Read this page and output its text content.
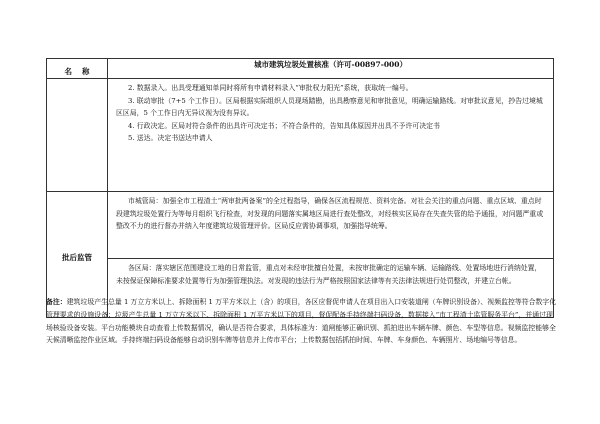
名称	城市建筑垃圾处置核准（许可-00897-000）

	2. 数据录入。出具受理通知单同时将所有申请材料录入“审批权力阳光”系统，获取统一编号。

3. 联动审批（7+5 个工作日）。区局根据实际组织人员现场踏勘，出具勘察意见和审批意见，明确运输路线。对审批议意见，抄告过境城区区局，5 个工作日内无异议视为没有异议。

4. 行政决定。区局对符合条件的出具许可决定书；不符合条件的，告知具体原因并出具不予许可决定书

5. 送达。决定书送达申请人

批后监管	市城管局：加强全市工程渣土“两审批两备案”的全过程指导，确保各区流程规范、资料完备。对社会关注的重点问题、重点区域、重点时段建筑垃圾处置行为等每月组织飞行检查，对发现的问题落实属地区局进行查处整改，对经核实区局存在失查失管的给予通报，对问题严重或整改不力的进行督办并纳入年度建筑垃圾管理评价。区局反应需协调事项，加强指导统筹。

各区局：落实辖区范围建设工地的日常监管，重点对未经审批擅自处置，未按审批确定的运输车辆、运输路线、处置场地进行消纳处置，未按保证保障标准要求处置等行为加强管理执法。对发现的违法行为严格按照国家法律等有关法律法规进行处罚整改，并建立台帐。

备注：建筑垃圾产生总量 1 万立方米以上、拆除面积 1 万平方米以上（含）的项目，各区应督促申请人在项目出入口安装道闸（车牌识别设备）、视频监控等符合数字化管理要求的设施设备；垃圾产生总量 1 万立方米以下、拆除面积 1 万平方米以下的项目，督促配备手持终端扫码设备，数据接入“市工程渣土监管服务平台”，并通过现场核验设备安装。平台功能模块自动查看上传数据情况，确认是否符合要求，具体标准为：道闸能够正确识别、抓拍进出车辆车牌、颜色、车型等信息。视频监控能够全天候清晰监控作业区域。手持终端扫码设备能够自动识别车牌等信息并上传市平台；上传数据包括抓拍时间、车牌、车身颜色、车辆照片、场地编号等信息。
